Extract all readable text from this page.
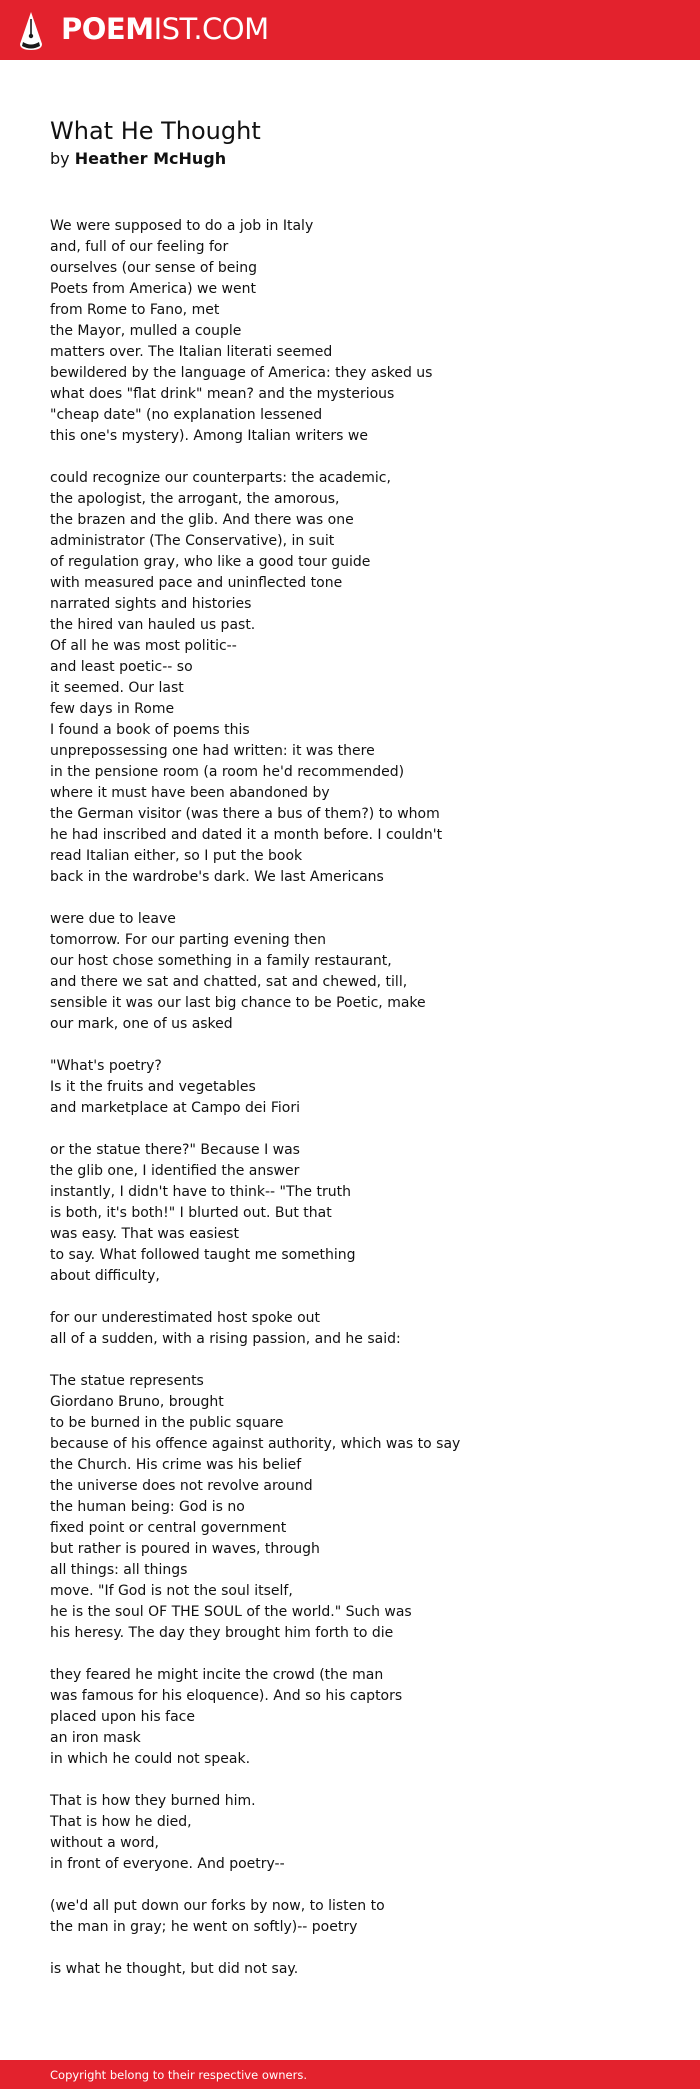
POEMIST.COM
What He Thought
by Heather McHugh
We were supposed to do a job in Italy
and, full of our feeling for
ourselves (our sense of being
Poets from America) we went
from Rome to Fano, met
the Mayor, mulled a couple
matters over. The Italian literati seemed
bewildered by the language of America: they asked us
what does "flat drink" mean? and the mysterious
"cheap date" (no explanation lessened
this one's mystery). Among Italian writers we
could recognize our counterparts: the academic,
the apologist, the arrogant, the amorous,
the brazen and the glib. And there was one
administrator (The Conservative), in suit
of regulation gray, who like a good tour guide
with measured pace and uninflected tone
narrated sights and histories
the hired van hauled us past.
Of all he was most politic--
and least poetic-- so
it seemed. Our last
few days in Rome
I found a book of poems this
unprepossessing one had written: it was there
in the pensione room (a room he'd recommended)
where it must have been abandoned by
the German visitor (was there a bus of them?) to whom
he had inscribed and dated it a month before. I couldn't
read Italian either, so I put the book
back in the wardrobe's dark. We last Americans
were due to leave
tomorrow. For our parting evening then
our host chose something in a family restaurant,
and there we sat and chatted, sat and chewed, till,
sensible it was our last big chance to be Poetic, make
our mark, one of us asked
"What's poetry?
Is it the fruits and vegetables
and marketplace at Campo dei Fiori
or the statue there?" Because I was
the glib one, I identified the answer
instantly, I didn't have to think-- "The truth
is both, it's both!" I blurted out. But that
was easy. That was easiest
to say. What followed taught me something
about difficulty,
for our underestimated host spoke out
all of a sudden, with a rising passion, and he said:
The statue represents
Giordano Bruno, brought
to be burned in the public square
because of his offence against authority, which was to say
the Church. His crime was his belief
the universe does not revolve around
the human being: God is no
fixed point or central government
but rather is poured in waves, through
all things: all things
move. "If God is not the soul itself,
he is the soul OF THE SOUL of the world." Such was
his heresy. The day they brought him forth to die
they feared he might incite the crowd (the man
was famous for his eloquence). And so his captors
placed upon his face
an iron mask
in which he could not speak.
That is how they burned him.
That is how he died,
without a word,
in front of everyone. And poetry--
(we'd all put down our forks by now, to listen to
the man in gray; he went on softly)-- poetry
is what he thought, but did not say.
Copyright belong to their respective owners.
